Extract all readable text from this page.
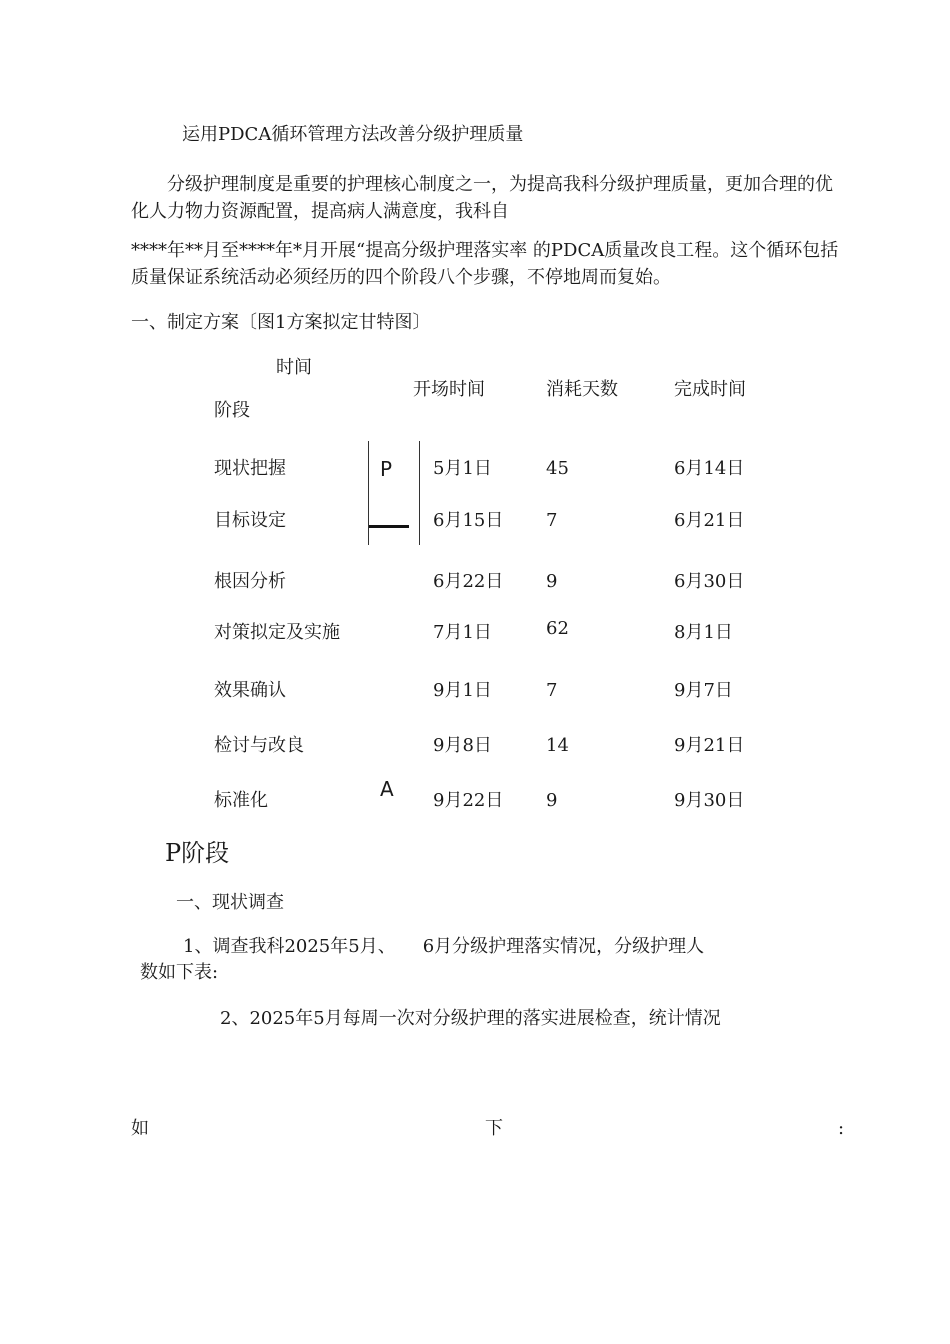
运用PDCA循环管理方法改善分级护理质量
分级护理制度是重要的护理核心制度之一，为提高我科分级护理质量，更加合理的优化人力物力资源配置，提高病人满意度，我科自
****年**月至****年*月开展“提高分级护理落实率 的PDCA质量改良工程。这个循环包括质量保证系统活动必须经历的四个阶段八个步骤，不停地周而复始。
一、制定方案〔图1方案拟定甘特图〕
时间
阶段
开场时间	消耗天数	完成时间
P
A
现状把握	5月1日	45	6月14日
目标设定	6月15日 7	6月21日
根因分析	6月22日 9	6月30日
对策拟定及实施	7月1日	62	8月1日
效果确认	9月1日	7	9月7日
检讨与改良	9月8日	14	9月21日
标准化	9月22日 9	9月30日
P阶段
一、现状调查
1、调查我科2025年5月、　　6月分级护理落实情况，分级护理人
数如下表:
2、2025年5月每周一次对分级护理的落实进展检查，统计情况
如	下	:
